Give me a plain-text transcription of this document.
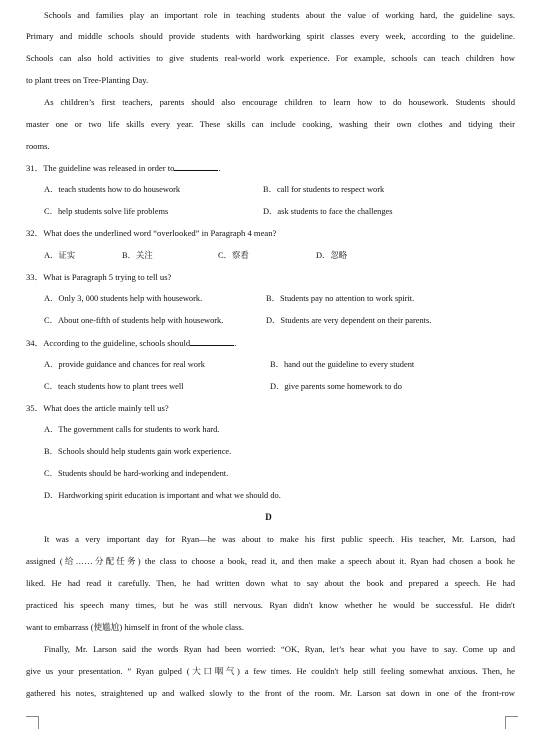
Schools and families play an important role in teaching students about the value of working hard, the guideline says.
Primary and middle schools should provide students with hardworking spirit classes every week, according to the guideline.
Schools can also hold activities to give students real-world work experience. For example, schools can teach children how
to plant trees on Tree-Planting Day.
As children’s first teachers, parents should also encourage children to learn how to do housework. Students should
master one or two life skills every year. These skills can include cooking, washing their own clothes and tidying their
rooms.
31．The guideline was released in order to	.
A．teach students how to do housework	B．call for students to respect work
C．help students solve life problems	D．ask students to face the challenges
32．What does the underlined word “overlooked” in Paragraph 4 mean?
A．证实	B．关注	C．察看	D．忽略
33．What is Paragraph 5 trying to tell us?
A．Only 3, 000 students help with housework.	B．Students pay no attention to work spirit.
C．About one-fifth of students help with housework.	D．Students are very dependent on their parents.
34．According to the guideline, schools should	.
A．provide guidance and chances for real work	B．hand out the guideline to every student
C．teach students how to plant trees well	D．give parents some homework to do
35．What does the article mainly tell us?
A．The government calls for students to work hard.
B．Schools should help students gain work experience.
C．Students should be hard-working and independent.
D．Hardworking spirit education is important and what we should do.
D
It was a very important day for Ryan—he was about to make his first public speech. His teacher, Mr. Larson, had
assigned (给……分配任务) the class to choose a book, read it, and then make a speech about it. Ryan had chosen a book he
liked. He had read it carefully. Then, he had written down what to say about the book and prepared a speech. He had
practiced his speech many times, but he was still nervous. Ryan didn't know whether he would be successful. He didn't
want to embarrass (使尴尬) himself in front of the whole class.
Finally, Mr. Larson said the words Ryan had been worried: “OK, Ryan, let’s hear what you have to say. Come up and
give us your presentation. ” Ryan gulped (大口咽气) a few times. He couldn't help still feeling somewhat anxious. Then, he
gathered his notes, straightened up and walked slowly to the front of the room. Mr. Larson sat down in one of the front-row
